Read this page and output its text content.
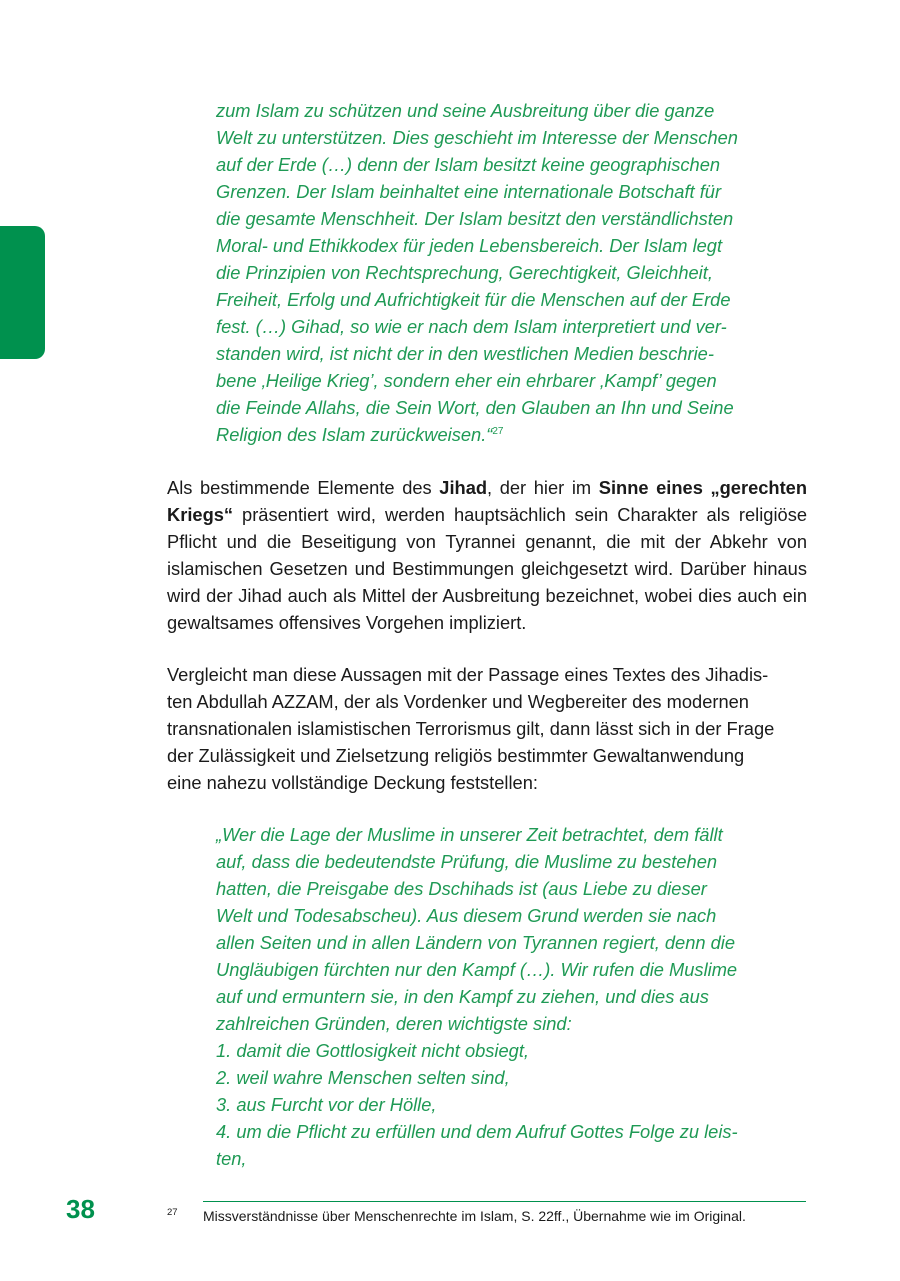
zum Islam zu schützen und seine Ausbreitung über die ganze
Welt zu unterstützen. Dies geschieht im Interesse der Menschen
auf der Erde (…) denn der Islam besitzt keine geographischen
Grenzen. Der Islam beinhaltet eine internationale Botschaft für
die gesamte Menschheit. Der Islam besitzt den verständlichsten
Moral- und Ethikkodex für jeden Lebensbereich. Der Islam legt
die Prinzipien von Rechtsprechung, Gerechtigkeit, Gleichheit,
Freiheit, Erfolg und Aufrichtigkeit für die Menschen auf der Erde
fest. (…) Gihad, so wie er nach dem Islam interpretiert und ver-
standen wird, ist nicht der in den westlichen Medien beschrie-
bene ‚Heilige Krieg’, sondern eher ein ehrbarer ‚Kampf’ gegen
die Feinde Allahs, die Sein Wort, den Glauben an Ihn und Seine
Religion des Islam zurückweisen.“$^{27}$
Als bestimmende Elemente des Jihad, der hier im Sinne eines „gerechten Kriegs“ präsentiert wird, werden hauptsächlich sein Charakter als religiöse Pflicht und die Beseitigung von Tyrannei genannt, die mit der Abkehr von islamischen Gesetzen und Bestimmungen gleichgesetzt wird. Darüber hinaus wird der Jihad auch als Mittel der Ausbreitung bezeichnet, wobei dies auch ein gewaltsames offensives Vorgehen impliziert.
Vergleicht man diese Aussagen mit der Passage eines Textes des Jihadis-
ten Abdullah AZZAM, der als Vordenker und Wegbereiter des modernen
transnationalen islamistischen Terrorismus gilt, dann lässt sich in der Frage
der Zulässigkeit und Zielsetzung religiös bestimmter Gewaltanwendung
eine nahezu vollständige Deckung feststellen:
„Wer die Lage der Muslime in unserer Zeit betrachtet, dem fällt
auf, dass die bedeutendste Prüfung, die Muslime zu bestehen
hatten, die Preisgabe des Dschihads ist (aus Liebe zu dieser
Welt und Todesabscheu). Aus diesem Grund werden sie nach
allen Seiten und in allen Ländern von Tyrannen regiert, denn die
Ungläubigen fürchten nur den Kampf (…). Wir rufen die Muslime
auf und ermuntern sie, in den Kampf zu ziehen, und dies aus
zahlreichen Gründen, deren wichtigste sind:
1. damit die Gottlosigkeit nicht obsiegt,
2. weil wahre Menschen selten sind,
3. aus Furcht vor der Hölle,
4. um die Pflicht zu erfüllen und dem Aufruf Gottes Folge zu leis-
ten,
38	27 Missverständnisse über Menschenrechte im Islam, S. 22ff., Übernahme wie im Original.
